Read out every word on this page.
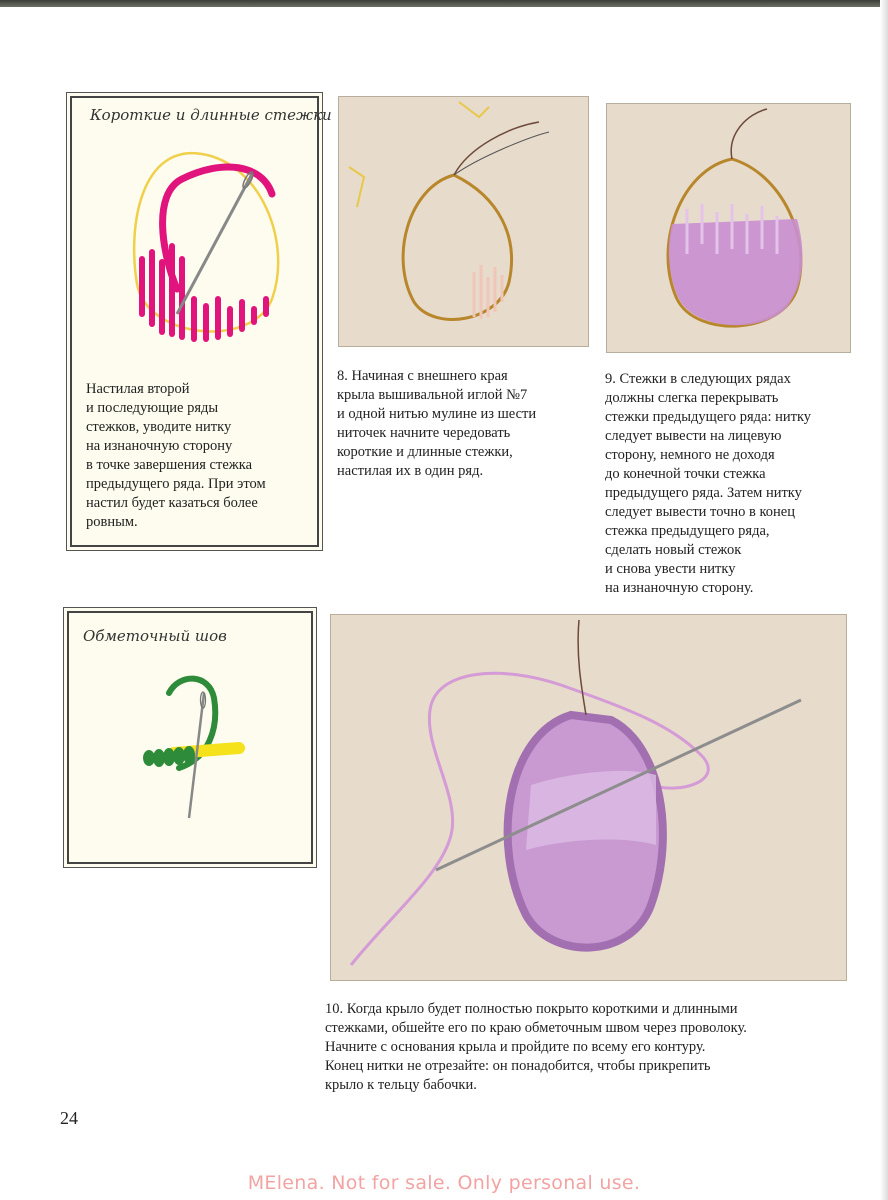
Короткие и длинные стежки
Настилая второй
и последующие ряды
стежков, уводите нитку
на изнаночную сторону
в точке завершения стежка
предыдущего ряда. При этом
настил будет казаться более
ровным.
8. Начиная с внешнего края
крыла вышивальной иглой №7
и одной нитью мулине из шести
ниточек начните чередовать
короткие и длинные стежки,
настилая их в один ряд.
9. Стежки в следующих рядах
должны слегка перекрывать
стежки предыдущего ряда: нитку
следует вывести на лицевую
сторону, немного не доходя
до конечной точки стежка
предыдущего ряда. Затем нитку
следует вывести точно в конец
стежка предыдущего ряда,
сделать новый стежок
и снова увести нитку
на изнаночную сторону.
Обметочный шов
10. Когда крыло будет полностью покрыто короткими и длинными
стежками, обшейте его по краю обметочным швом через проволоку.
Начните с основания крыла и пройдите по всему его контуру.
Конец нитки не отрезайте: он понадобится, чтобы прикрепить
крыло к тельцу бабочки.
24
MElena. Not for sale. Only personal use.
